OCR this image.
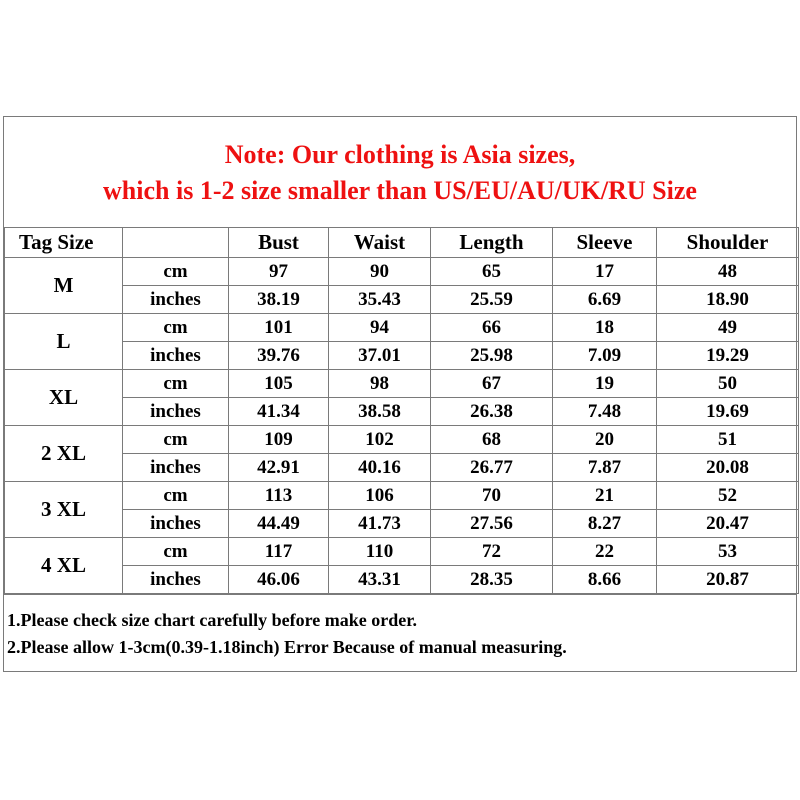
Note: Our clothing is Asia sizes,
which is 1-2 size smaller than US/EU/AU/UK/RU Size
Tag Size		Bust	Waist	Length	Sleeve	Shoulder
M	cm	97	90	65	17	48
	inches	38.19	35.43	25.59	6.69	18.90
L	cm	101	94	66	18	49
	inches	39.76	37.01	25.98	7.09	19.29
XL	cm	105	98	67	19	50
	inches	41.34	38.58	26.38	7.48	19.69
2 XL	cm	109	102	68	20	51
	inches	42.91	40.16	26.77	7.87	20.08
3 XL	cm	113	106	70	21	52
	inches	44.49	41.73	27.56	8.27	20.47
4 XL	cm	117	110	72	22	53
	inches	46.06	43.31	28.35	8.66	20.87
1.Please check size chart carefully before make order.
2.Please allow 1-3cm(0.39-1.18inch) Error Because of manual measuring.
